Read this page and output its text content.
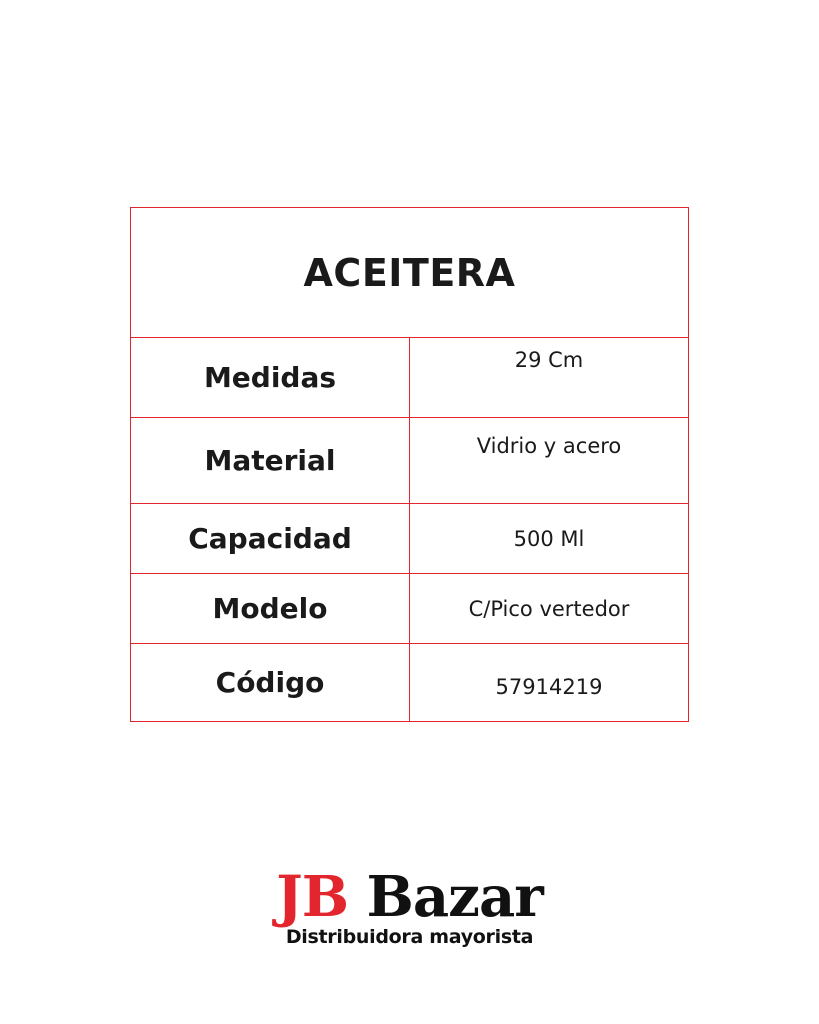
ACEITERA	
Medidas	29 Cm
Material	Vidrio y acero
Capacidad	500 Ml
Modelo	C/Pico vertedor
Código	57914219
JB Bazar
Distribuidora mayorista
